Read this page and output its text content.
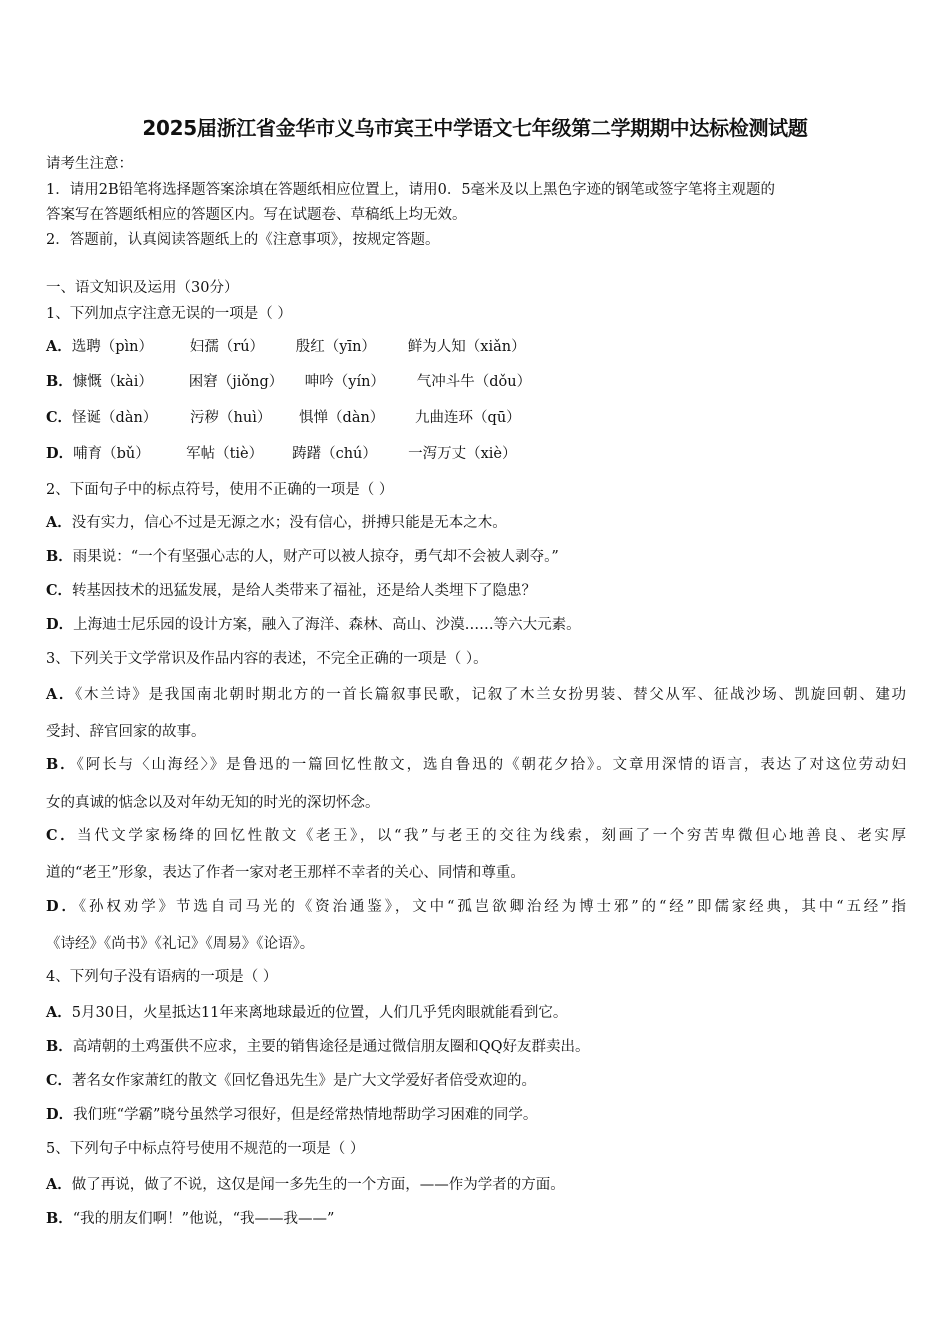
2025届浙江省金华市义乌市宾王中学语文七年级第二学期期中达标检测试题
请考生注意：
1．请用2B铅笔将选择题答案涂填在答题纸相应位置上，请用0．5毫米及以上黑色字迹的钢笔或签字笔将主观题的
答案写在答题纸相应的答题区内。写在试题卷、草稿纸上均无效。
2．答题前，认真阅读答题纸上的《注意事项》，按规定答题。
一、语文知识及运用（30分）
1、下列加点字注意无误的一项是（ ）
A．选聘（pìn）	妇孺（rú） 殷红（yīn） 鲜为人知（xiǎn）
B．慷慨（kài） 困窘（jiǒng） 呻吟（yín） 气冲斗牛（dǒu）
C．怪诞（dàn） 污秽（huì） 惧惮（dàn） 九曲连环（qū）
D．哺育（bǔ）	军帖（tiè） 踌躇（chú） 一泻万丈（xiè）
2、下面句子中的标点符号，使用不正确的一项是（ ）
A．没有实力，信心不过是无源之水；没有信心，拼搏只能是无本之木。
B．雨果说：“一个有坚强心志的人，财产可以被人掠夺，勇气却不会被人剥夺。”
C．转基因技术的迅猛发展，是给人类带来了福祉，还是给人类埋下了隐患？
D．上海迪士尼乐园的设计方案，融入了海洋、森林、高山、沙漠……等六大元素。
3、下列关于文学常识及作品内容的表述，不完全正确的一项是（ ）。
A．《木兰诗》是我国南北朝时期北方的一首长篇叙事民歌，记叙了木兰女扮男装、替父从军、征战沙场、凯旋回朝、建功
受封、辞官回家的故事。
B．《阿长与〈山海经〉》是鲁迅的一篇回忆性散文，选自鲁迅的《朝花夕拾》。文章用深情的语言，表达了对这位劳动妇
女的真诚的惦念以及对年幼无知的时光的深切怀念。
C．当代文学家杨绛的回忆性散文《老王》，以“我”与老王的交往为线索，刻画了一个穷苦卑微但心地善良、老实厚
道的“老王”形象，表达了作者一家对老王那样不幸者的关心、同情和尊重。
D．《孙权劝学》节选自司马光的《资治通鉴》，文中“孤岂欲卿治经为博士邪”的“经”即儒家经典，其中“五经”指
《诗经》《尚书》《礼记》《周易》《论语》。
4、下列句子没有语病的一项是（ ）
A．5月30日，火星抵达11年来离地球最近的位置，人们几乎凭肉眼就能看到它。
B．高靖朝的土鸡蛋供不应求，主要的销售途径是通过微信朋友圈和QQ好友群卖出。
C．著名女作家萧红的散文《回忆鲁迅先生》是广大文学爱好者倍受欢迎的。
D．我们班“学霸”晓兮虽然学习很好，但是经常热情地帮助学习困难的同学。
5、下列句子中标点符号使用不规范的一项是（ ）
A．做了再说，做了不说，这仅是闻一多先生的一个方面，——作为学者的方面。
B．“我的朋友们啊！”他说，“我——我——”
